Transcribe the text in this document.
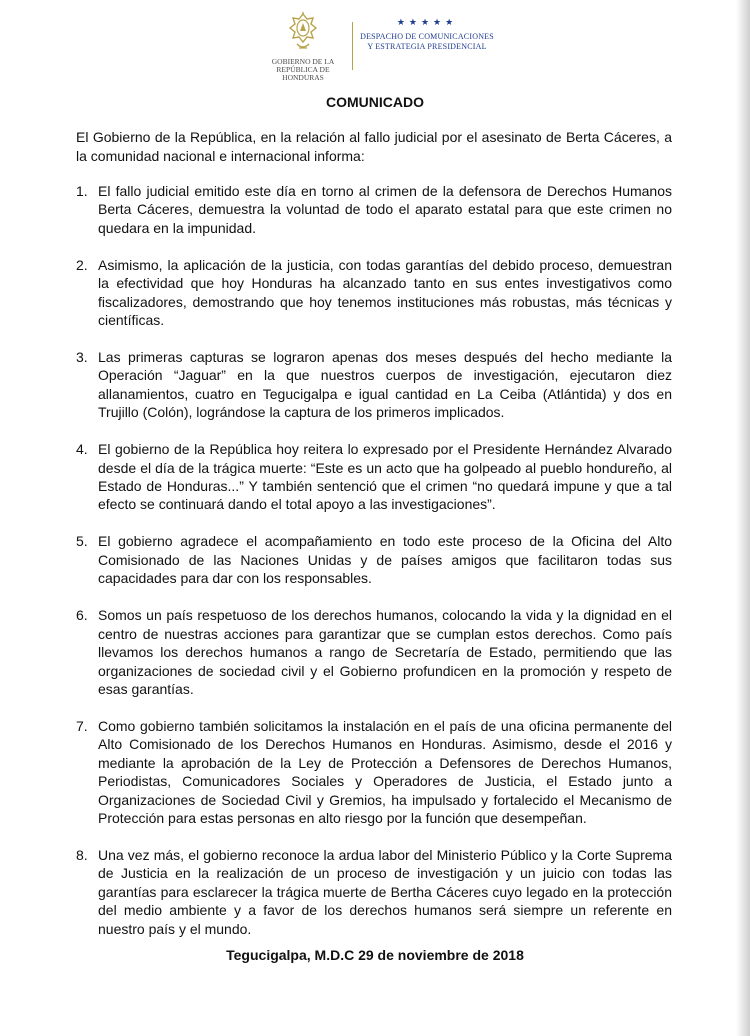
GOBIERNO DE LA
REPÚBLICA DE HONDURAS
★★★★★
DESPACHO DE COMUNICACIONES
Y ESTRATEGIA PRESIDENCIAL
COMUNICADO
El Gobierno de la República, en la relación al fallo judicial por el asesinato de Berta Cáceres, a la comunidad nacional e internacional informa:
1. El fallo judicial emitido este día en torno al crimen de la defensora de Derechos Humanos Berta Cáceres, demuestra la voluntad de todo el aparato estatal para que este crimen no quedara en la impunidad.
2. Asimismo, la aplicación de la justicia, con todas garantías del debido proceso, demuestran la efectividad que hoy Honduras ha alcanzado tanto en sus entes investigativos como fiscalizadores, demostrando que hoy tenemos instituciones más robustas, más técnicas y científicas.
3. Las primeras capturas se lograron apenas dos meses después del hecho mediante la Operación “Jaguar” en la que nuestros cuerpos de investigación, ejecutaron diez allanamientos, cuatro en Tegucigalpa e igual cantidad en La Ceiba (Atlántida) y dos en Trujillo (Colón), lográndose la captura de los primeros implicados.
4. El gobierno de la República hoy reitera lo expresado por el Presidente Hernández Alvarado desde el día de la trágica muerte: “Este es un acto que ha golpeado al pueblo hondureño, al Estado de Honduras...” Y también sentenció que el crimen “no quedará impune y que a tal efecto se continuará dando el total apoyo a las investigaciones”.
5. El gobierno agradece el acompañamiento en todo este proceso de la Oficina del Alto Comisionado de las Naciones Unidas y de países amigos que facilitaron todas sus capacidades para dar con los responsables.
6. Somos un país respetuoso de los derechos humanos, colocando la vida y la dignidad en el centro de nuestras acciones para garantizar que se cumplan estos derechos. Como país llevamos los derechos humanos a rango de Secretaría de Estado, permitiendo que las organizaciones de sociedad civil y el Gobierno profundicen en la promoción y respeto de esas garantías.
7. Como gobierno también solicitamos la instalación en el país de una oficina permanente del Alto Comisionado de los Derechos Humanos en Honduras. Asimismo, desde el 2016 y mediante la aprobación de la Ley de Protección a Defensores de Derechos Humanos, Periodistas, Comunicadores Sociales y Operadores de Justicia, el Estado junto a Organizaciones de Sociedad Civil y Gremios, ha impulsado y fortalecido el Mecanismo de Protección para estas personas en alto riesgo por la función que desempeñan.
8. Una vez más, el gobierno reconoce la ardua labor del Ministerio Público y la Corte Suprema de Justicia en la realización de un proceso de investigación y un juicio con todas las garantías para esclarecer la trágica muerte de Bertha Cáceres cuyo legado en la protección del medio ambiente y a favor de los derechos humanos será siempre un referente en nuestro país y el mundo.
Tegucigalpa, M.D.C 29 de noviembre de 2018
